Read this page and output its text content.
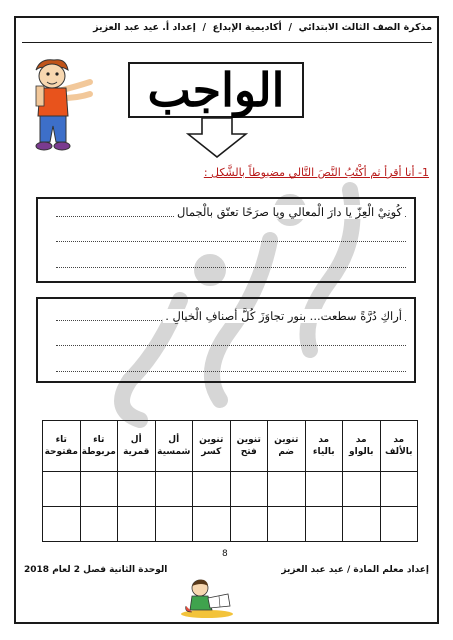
مذكرة الصف الثالث الابتدائي  /  أكاديمية الإبداع  /  إعداد أ. عيد عبد العزيز
الواجب
1- أنا أقرأ ثم أكْتُبُ النَّصَ التَّالي مضبوطاً بالشَّكل :
كُونِيْ الْعِزّ يا دارَ الْمعالي ويا صرَحًا تعتّق بالْجمال
أراكِ دُرَّةً سطعت... بنور تجاوَزَ كُلَّ أصنافِ الْخيالِ .
مد بالألف	مد بالواو	مد بالياء	تنوين ضم	تنوين فتح	تنوين كسر	أل شمسية	أل قمرية	تاء مربوطة	تاء مفتوحة

8
إعداد معلم المادة / عيد عبد العزيز
الوحدة الثانية فصل 2 لعام 2018
